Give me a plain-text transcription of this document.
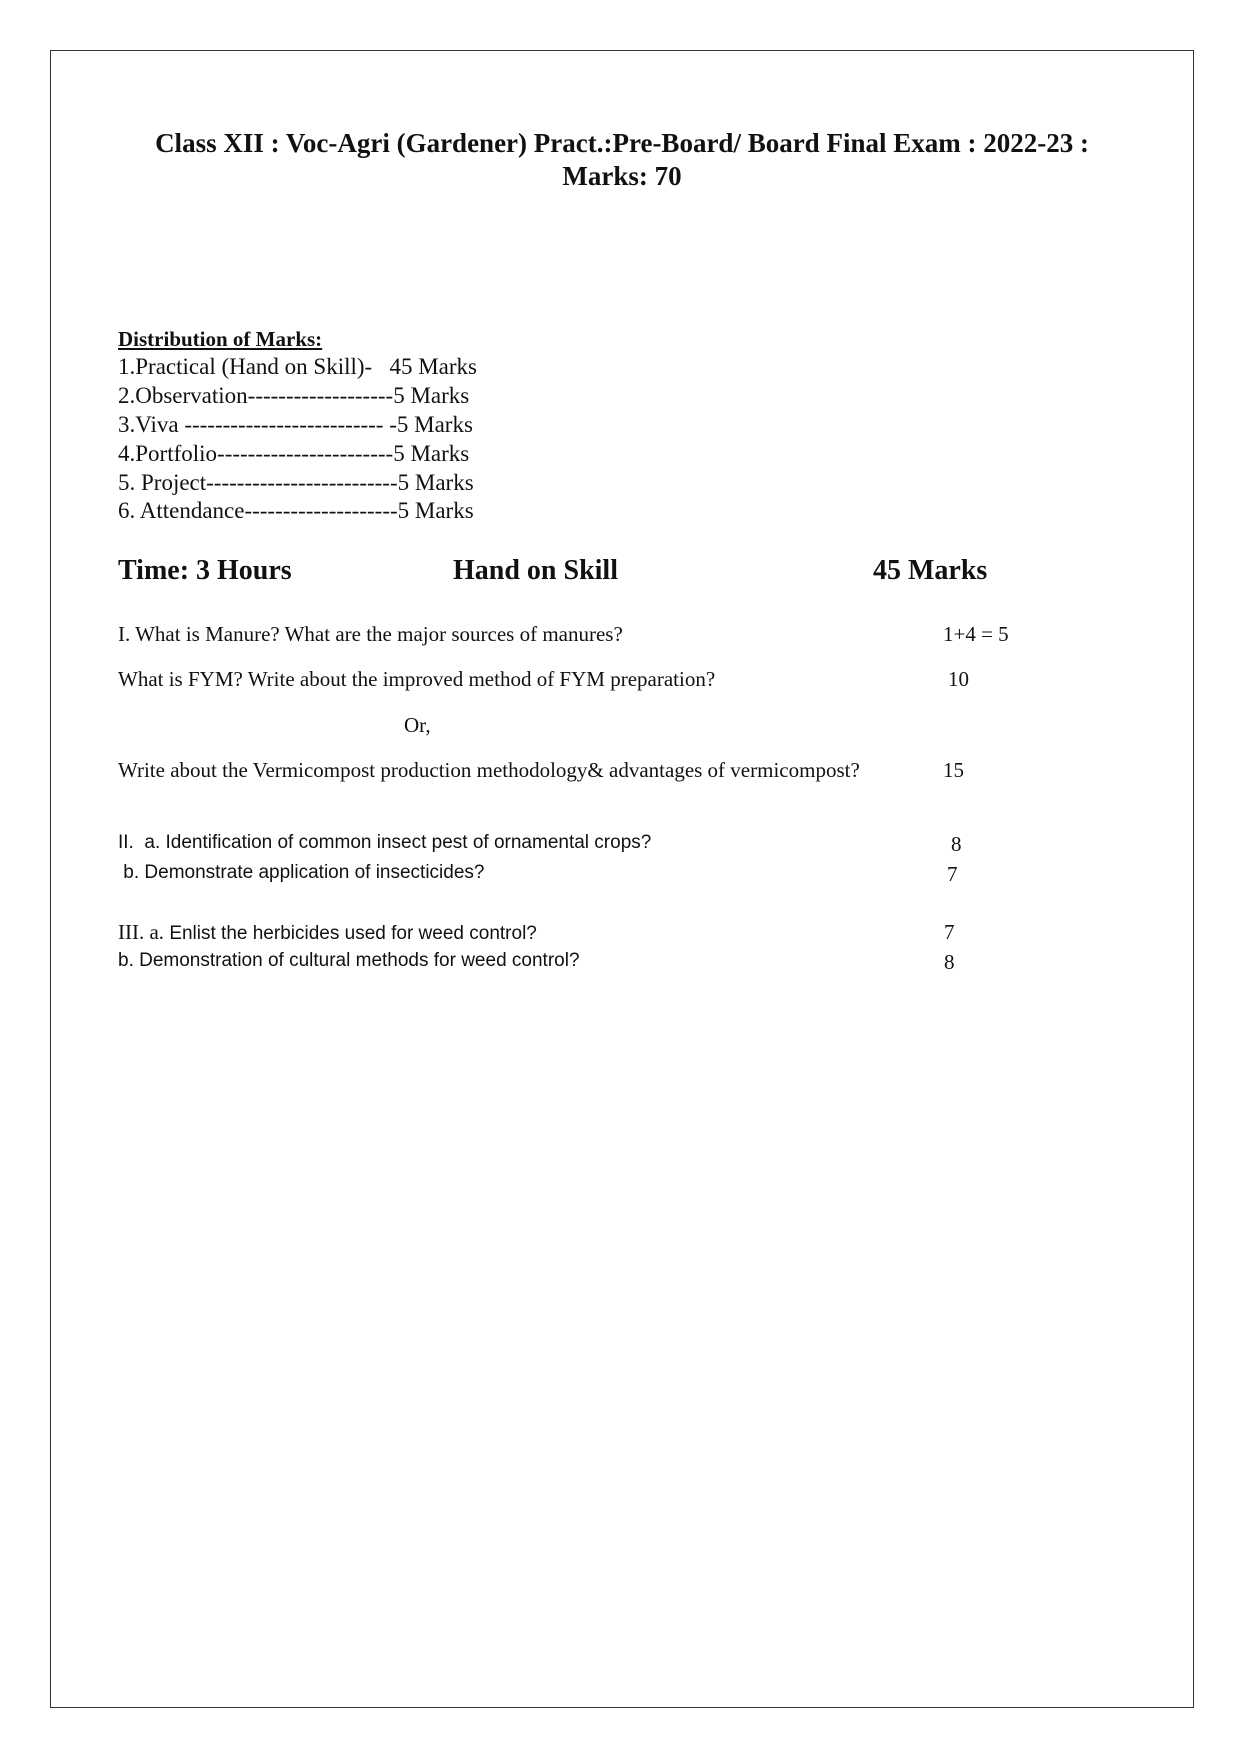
Class XII : Voc-Agri (Gardener) Pract.:Pre-Board/ Board Final Exam : 2022-23 :
Marks: 70
Distribution of Marks:
1.Practical (Hand on Skill)-   45 Marks
2.Observation-------------------5 Marks
3.Viva -------------------------- -5 Marks
4.Portfolio-----------------------5 Marks
5. Project-------------------------5 Marks
6. Attendance--------------------5 Marks
Time: 3 Hours	Hand on Skill	45 Marks
I. What is Manure? What are the major sources of manures?	1+4 = 5
What is FYM? Write about the improved method of FYM preparation?	10
Or,
Write about the Vermicompost production methodology& advantages of vermicompost?	15
II.  a. Identification of common insect pest of ornamental crops?	8
b. Demonstrate application of insecticides?	7
III. a. Enlist the herbicides used for weed control?	7
b. Demonstration of cultural methods for weed control?	8
